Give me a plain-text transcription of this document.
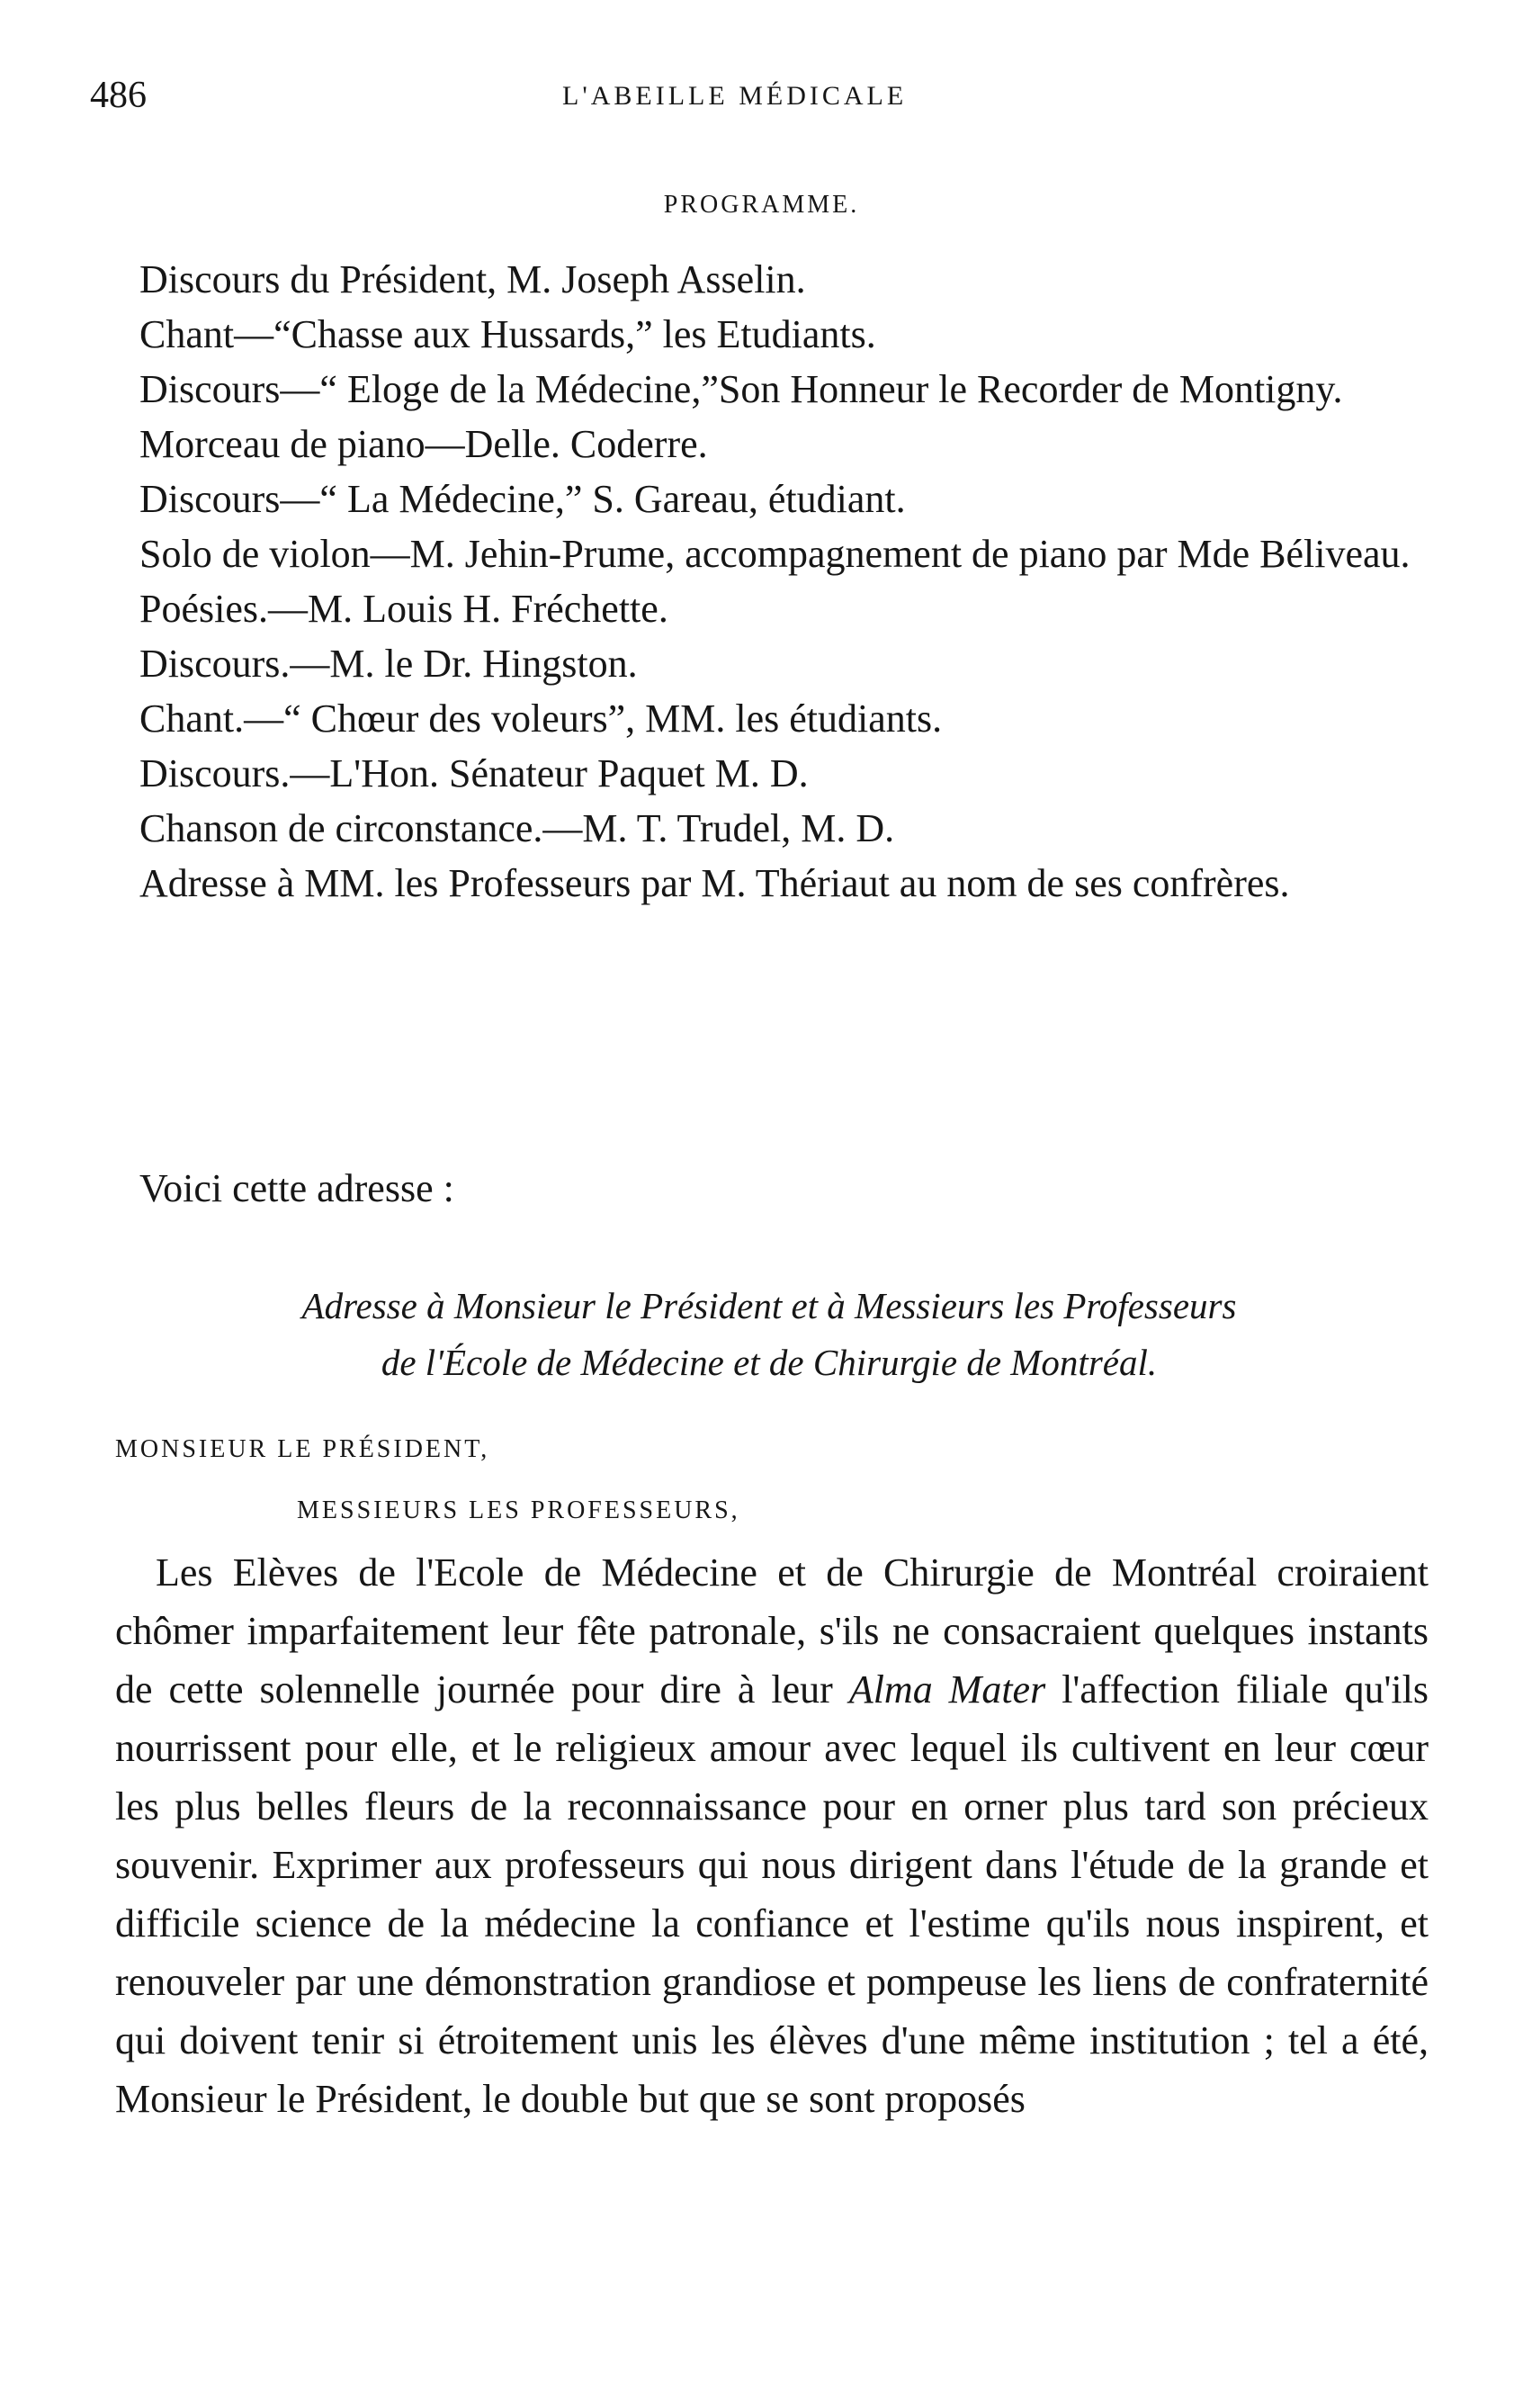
486	L'ABEILLE MÉDICALE
PROGRAMME.

Discours du Président, M. Joseph Asselin.

Chant—“Chasse aux Hussards,” les Etudiants.

Discours—“ Eloge de la Médecine,”Son Honneur le Recorder de Montigny.

Morceau de piano—Delle. Coderre.

Discours—“ La Médecine,” S. Gareau, étudiant.

Solo de violon—M. Jehin-Prume, accompagnement de piano par Mde Béliveau.

Poésies.—M. Louis H. Fréchette.

Discours.—M. le Dr. Hingston.

Chant.—“ Chœur des voleurs”, MM. les étudiants.

Discours.—L'Hon. Sénateur Paquet M. D.

Chanson de circonstance.—M. T. Trudel, M. D.

Adresse à MM. les Professeurs par M. Thériaut au nom de ses confrères.

Voici cette adresse :
Adresse à Monsieur le Président et à Messieurs les Professeurs
de l'École de Médecine et de Chirurgie de Montréal.
MONSIEUR LE PRÉSIDENT,
MESSIEURS LES PROFESSEURS,

Les Elèves de l'Ecole de Médecine et de Chirurgie de Montréal croiraient chômer imparfaitement leur fête patronale, s'ils ne consacraient quelques instants de cette solennelle journée pour dire à leur Alma Mater l'affection filiale qu'ils nourrissent pour elle, et le religieux amour avec lequel ils cultivent en leur cœur les plus belles fleurs de la reconnaissance pour en orner plus tard son précieux souvenir. Exprimer aux professeurs qui nous dirigent dans l'étude de la grande et difficile science de la médecine la confiance et l'estime qu'ils nous inspirent, et renouveler par une démonstration grandiose et pompeuse les liens de confraternité qui doivent tenir si étroitement unis les élèves d'une même institution ; tel a été, Monsieur le Président, le double but que se sont proposés
